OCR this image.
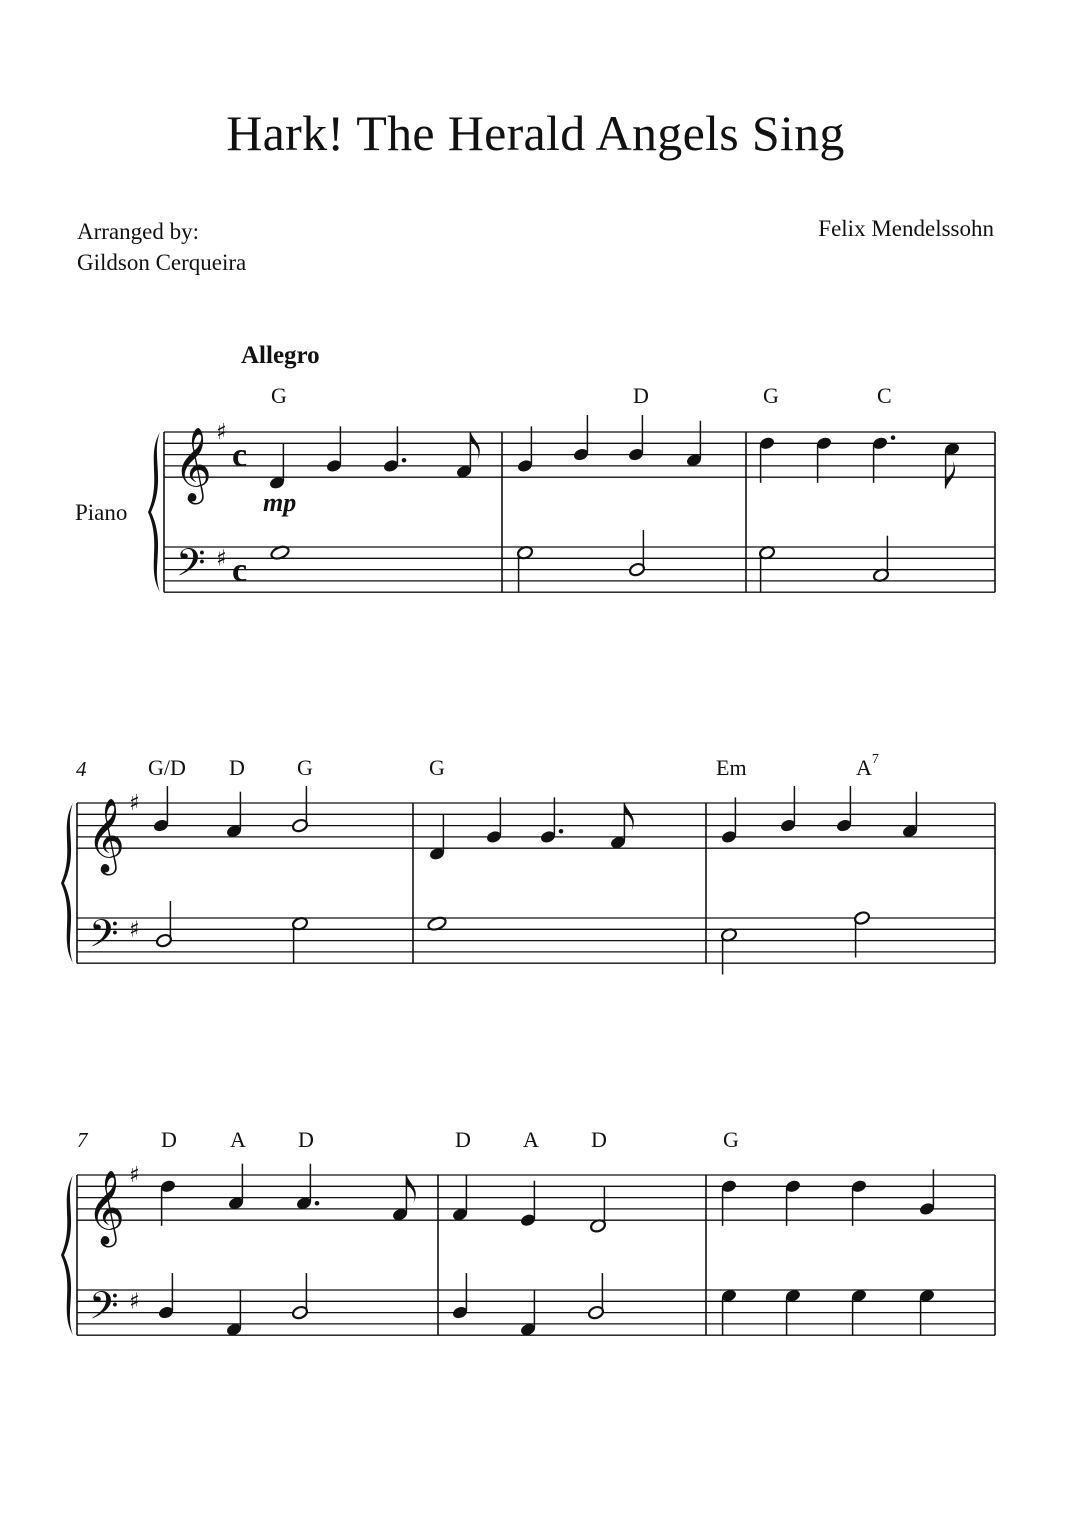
Hark! The Herald Angels Sing
Arranged by:
Gildson Cerqueira
Felix Mendelssohn
Allegro
Piano	mp
4
7
G	D	G	C
G/D D G	G	Em	$A^7$
D A D	D A D	G
𝄞
𝄢
♯
♯
c
c
𝄞
𝄢
♯
♯
𝄞
𝄢
♯
♯
